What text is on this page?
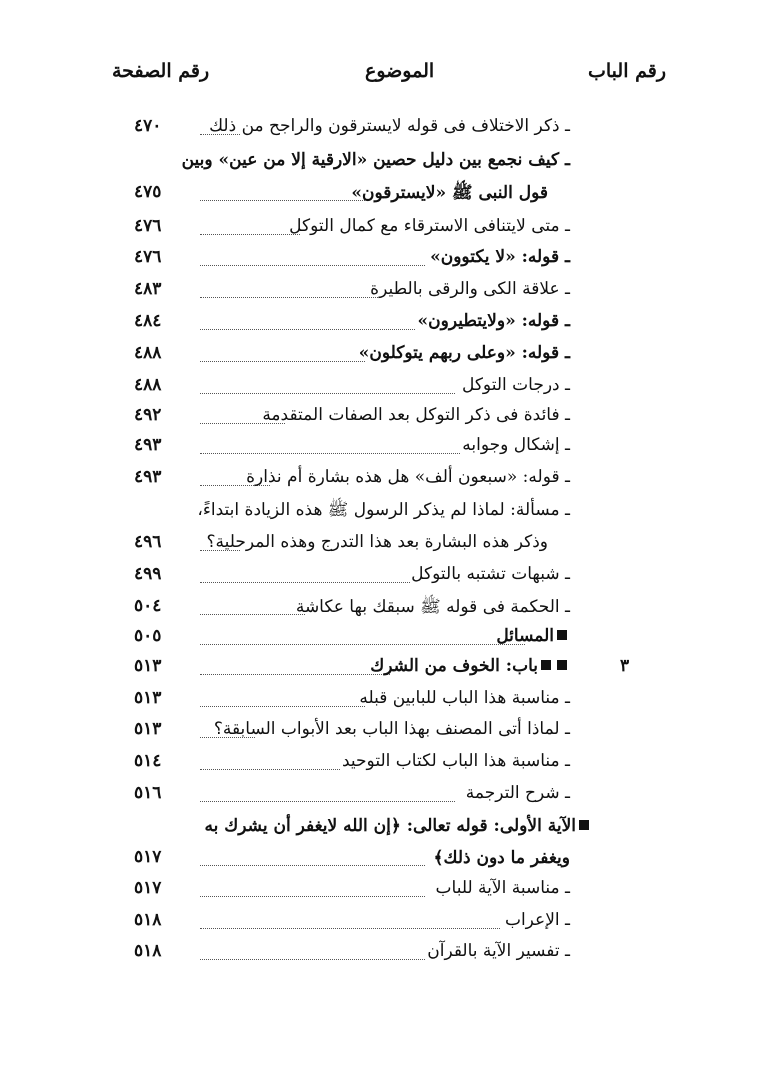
رقم الباب
الموضوع
رقم الصفحة
ـ ذكر الاختلاف فى قوله لايسترقون والراجح من ذلك
٤٧٠
ـ كيف نجمع بين دليل حصين «الارقية إلا من عين» وبين
قول النبى ﷺ «لايسترقون»
٤٧٥
ـ متى لايتنافى الاسترقاء مع كمال التوكل
٤٧٦
ـ قوله: «لا يكتوون»
٤٧٦
ـ علاقة الكى والرقى بالطيرة
٤٨٣
ـ قوله: «ولايتطيرون»
٤٨٤
ـ قوله: «وعلى ربهم يتوكلون»
٤٨٨
ـ درجات التوكل
٤٨٨
ـ فائدة فى ذكر التوكل بعد الصفات المتقدمة
٤٩٢
ـ إشكال وجوابه
٤٩٣
ـ قوله: «سبعون ألف» هل هذه بشارة أم نذارة
٤٩٣
ـ مسألة: لماذا لم يذكر الرسول ﷺ هذه الزيادة ابتداءً،
وذكر هذه البشارة بعد هذا التدرج وهذه المرحلية؟
٤٩٦
ـ شبهات تشتبه بالتوكل
٤٩٩
ـ الحكمة فى قوله ﷺ سبقك بها عكاشة
٥٠٤
المسائل
٥٠٥
باب: الخوف من الشرك
٥١٣	٣
ـ مناسبة هذا الباب للبابين قبله
٥١٣
ـ لماذا أتى المصنف بهذا الباب بعد الأبواب السابقة؟
٥١٣
ـ مناسبة هذا الباب لكتاب التوحيد
٥١٤
ـ شرح الترجمة
٥١٦
الآية الأولى: قوله تعالى: ﴿إن الله لايغفر أن يشرك به
ويغفر ما دون ذلك﴾
٥١٧
ـ مناسبة الآية للباب
٥١٧
ـ الإعراب
٥١٨
ـ تفسير الآية بالقرآن
٥١٨
